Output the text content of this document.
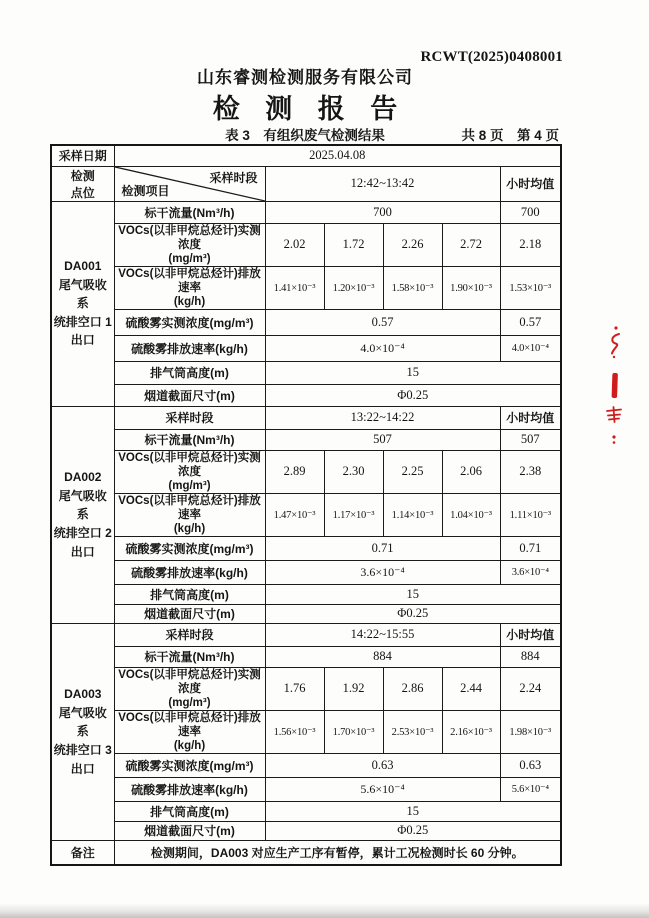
RCWT(2025)0408001
山东睿测检测服务有限公司
检 测 报 告
表 3　有组织废气检测结果	共 8 页　第 4 页
采样日期	2025.04.08					

检测
点位

采样时段
检测项目
	12:42~13:42	小时均值

DA001
尾气吸收系
统排空口 1
出口	标干流量(Nm³/h)	700				700

	VOCs(以非甲烷总烃计)实测浓度
(mg/m³)	2.02	1.72	2.26	2.72	2.18

	VOCs(以非甲烷总烃计)排放速率
(kg/h)	1.41×10⁻³	1.20×10⁻³	1.58×10⁻³	1.90×10⁻³	1.53×10⁻³
	硫酸雾实测浓度(mg/m³)	0.57				0.57
	硫酸雾排放速率(kg/h)	4.0×10⁻⁴				4.0×10⁻⁴
	排气筒高度(m)	15				
	烟道截面尺寸(m)	Φ0.25				

DA002
尾气吸收系
统排空口 2
出口	采样时段	13:22~14:22				小时均值
	标干流量(Nm³/h)	507				507

	VOCs(以非甲烷总烃计)实测浓度
(mg/m³)	2.89	2.30	2.25	2.06	2.38

	VOCs(以非甲烷总烃计)排放速率
(kg/h)	1.47×10⁻³	1.17×10⁻³	1.14×10⁻³	1.04×10⁻³	1.11×10⁻³
	硫酸雾实测浓度(mg/m³)	0.71				0.71
	硫酸雾排放速率(kg/h)	3.6×10⁻⁴				3.6×10⁻⁴
	排气筒高度(m)	15				
	烟道截面尺寸(m)	Φ0.25				

DA003
尾气吸收系
统排空口 3
出口	采样时段	14:22~15:55				小时均值
	标干流量(Nm³/h)	884				884

	VOCs(以非甲烷总烃计)实测浓度
(mg/m³)	1.76	1.92	2.86	2.44	2.24

	VOCs(以非甲烷总烃计)排放速率
(kg/h)	1.56×10⁻³	1.70×10⁻³	2.53×10⁻³	2.16×10⁻³	1.98×10⁻³
	硫酸雾实测浓度(mg/m³)	0.63				0.63
	硫酸雾排放速率(kg/h)	5.6×10⁻⁴				5.6×10⁻⁴
	排气筒高度(m)	15				
	烟道截面尺寸(m)	Φ0.25				
备注	检测期间，DA003 对应生产工序有暂停，累计工况检测时长 60 分钟。					
